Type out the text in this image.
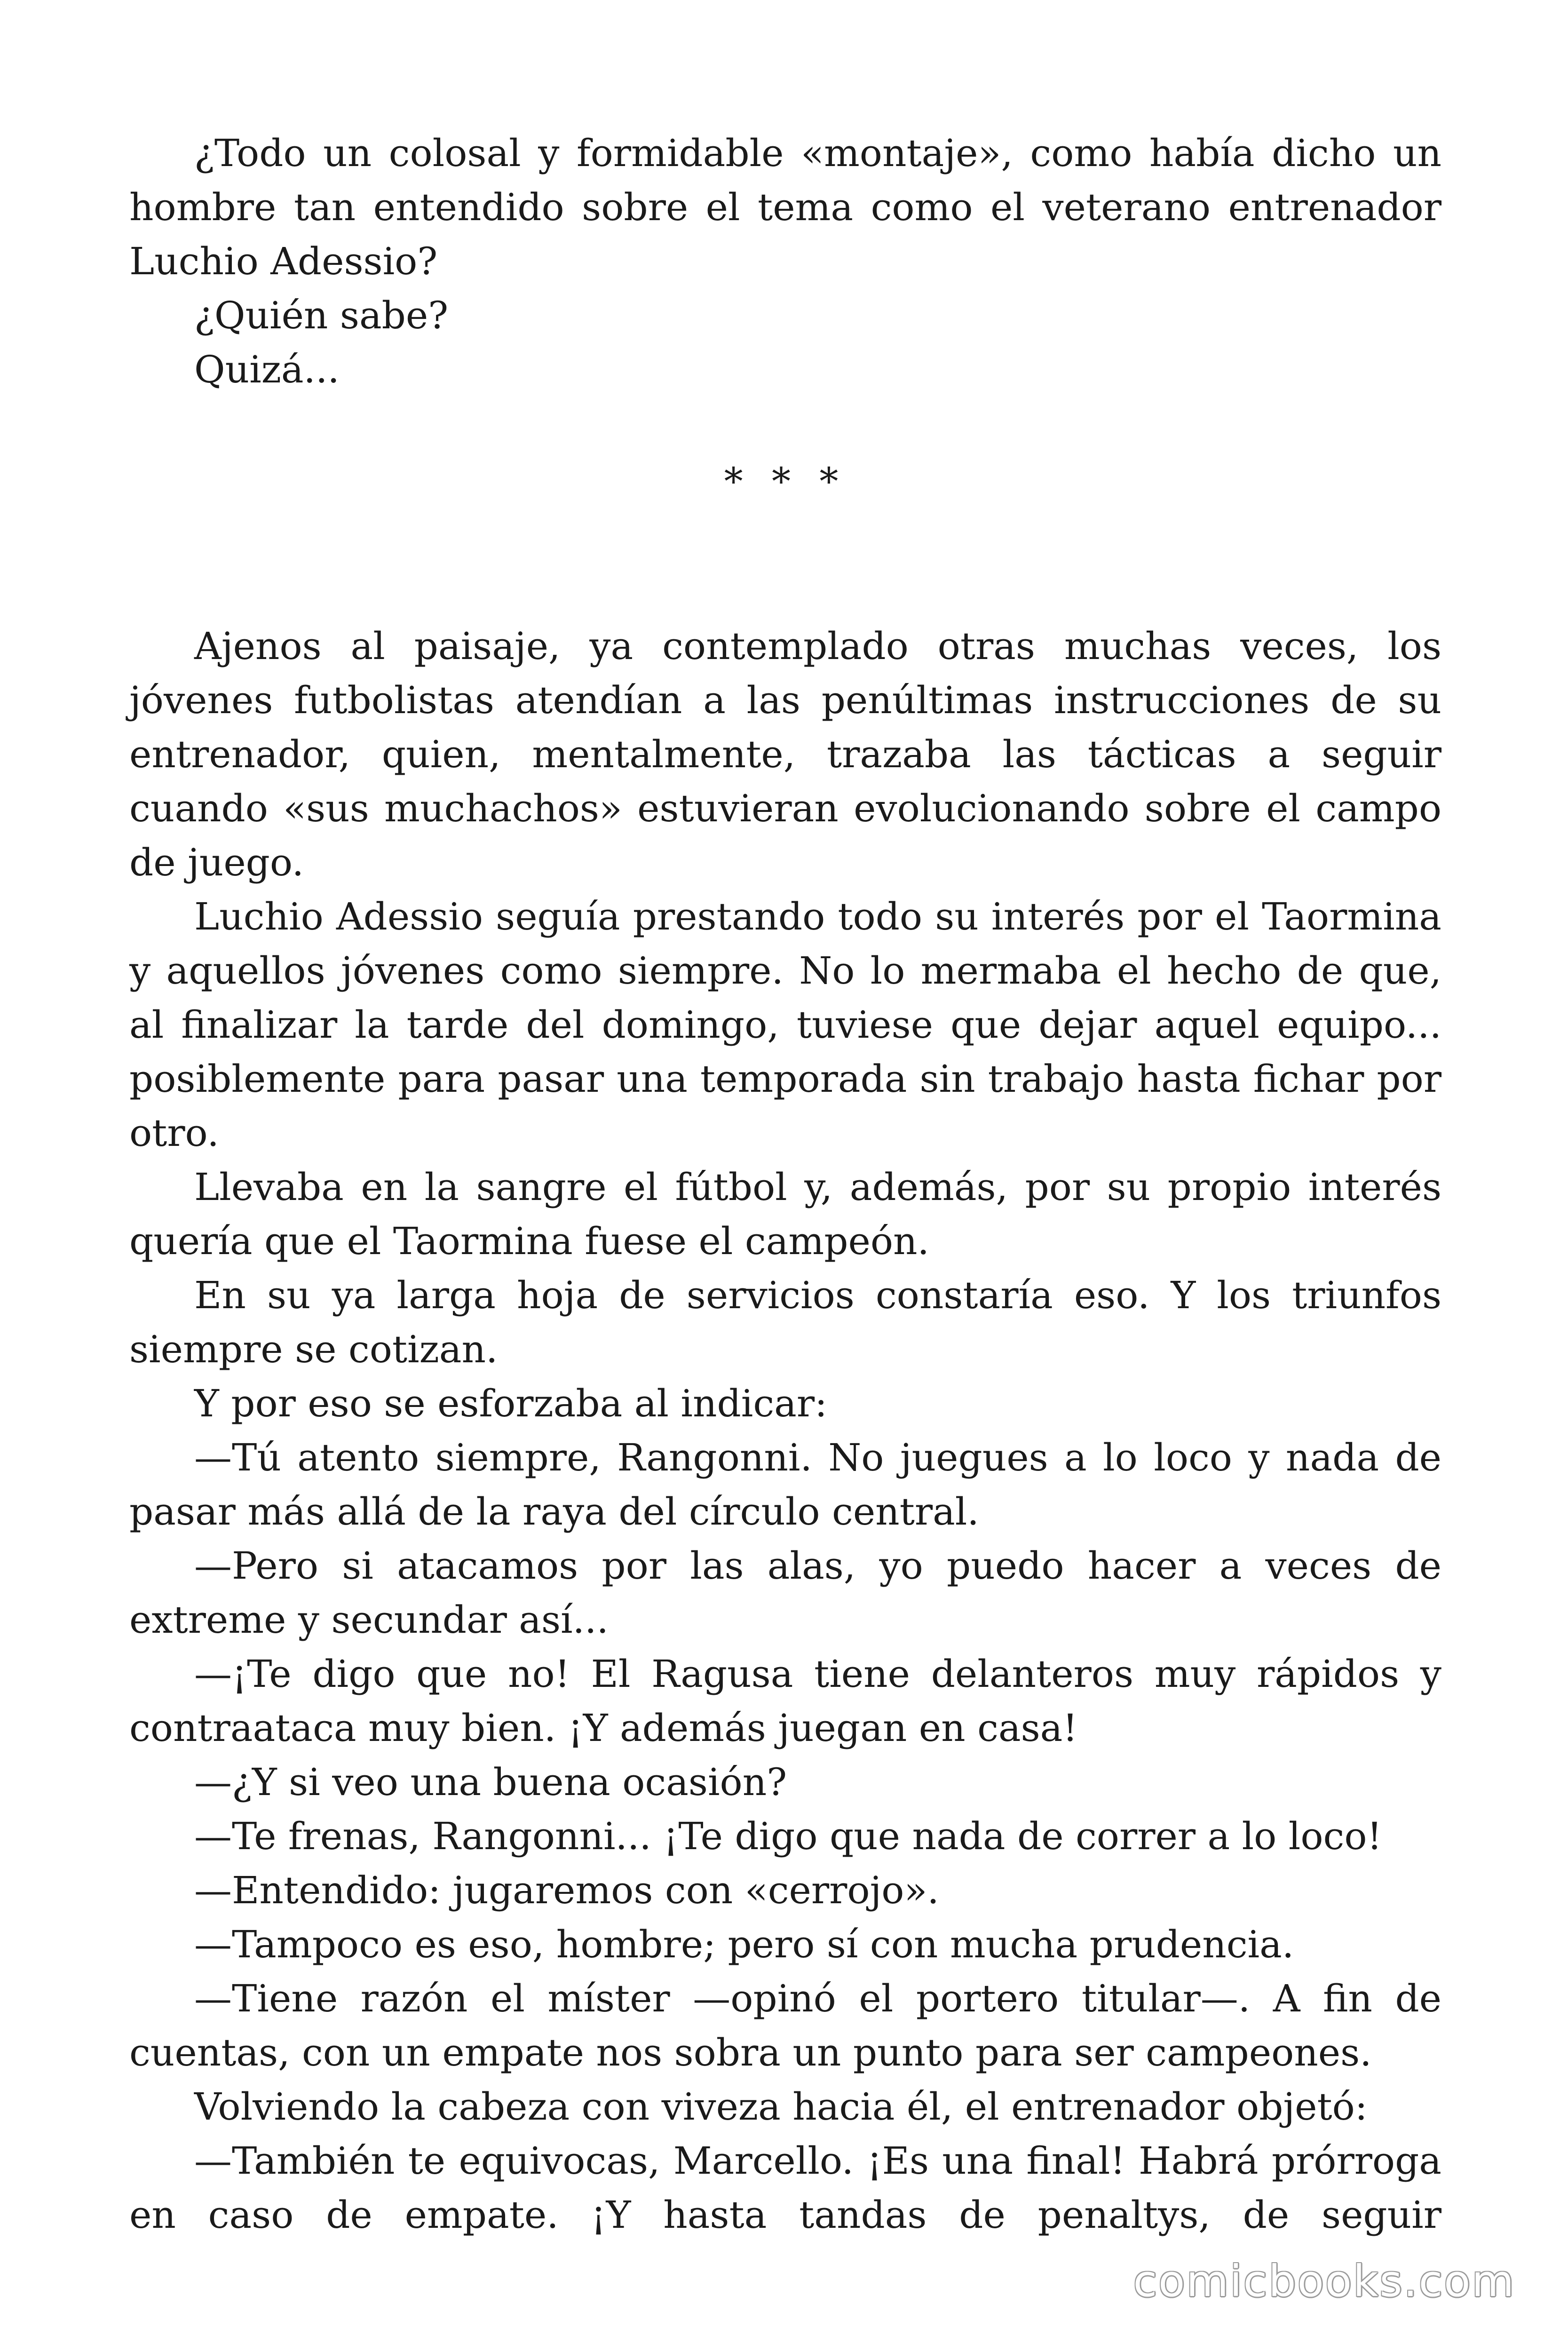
¿Todo un colosal y formidable «montaje», como había dicho un hombre tan entendido sobre el tema como el veterano entrenador Luchio Adessio?

¿Quién sabe?

Quizá...

* * *

Ajenos al paisaje, ya contemplado otras muchas veces, los jóvenes futbolistas atendían a las penúltimas instrucciones de su entrenador, quien, mentalmente, trazaba las tácticas a seguir cuando «sus muchachos» estuvieran evolucionando sobre el campo de juego.

Luchio Adessio seguía prestando todo su interés por el Taormina y aquellos jóvenes como siempre. No lo mermaba el hecho de que, al finalizar la tarde del domingo, tuviese que dejar aquel equipo... posiblemente para pasar una temporada sin trabajo hasta fichar por otro.

Llevaba en la sangre el fútbol y, además, por su propio interés quería que el Taormina fuese el campeón.

En su ya larga hoja de servicios constaría eso. Y los triunfos siempre se cotizan.

Y por eso se esforzaba al indicar:

—Tú atento siempre, Rangonni. No juegues a lo loco y nada de pasar más allá de la raya del círculo central.

—Pero si atacamos por las alas, yo puedo hacer a veces de extreme y secundar así...

—¡Te digo que no! El Ragusa tiene delanteros muy rápidos y contraataca muy bien. ¡Y además juegan en casa!

—¿Y si veo una buena ocasión?

—Te frenas, Rangonni... ¡Te digo que nada de correr a lo loco!

—Entendido: jugaremos con «cerrojo».

—Tampoco es eso, hombre; pero sí con mucha prudencia.

—Tiene razón el míster —opinó el portero titular—. A fin de cuentas, con un empate nos sobra un punto para ser campeones.

Volviendo la cabeza con viveza hacia él, el entrenador objetó:

—También te equivocas, Marcello. ¡Es una final! Habrá prórroga en caso de empate. ¡Y hasta tandas de penaltys, de seguir

comicbooks.com
